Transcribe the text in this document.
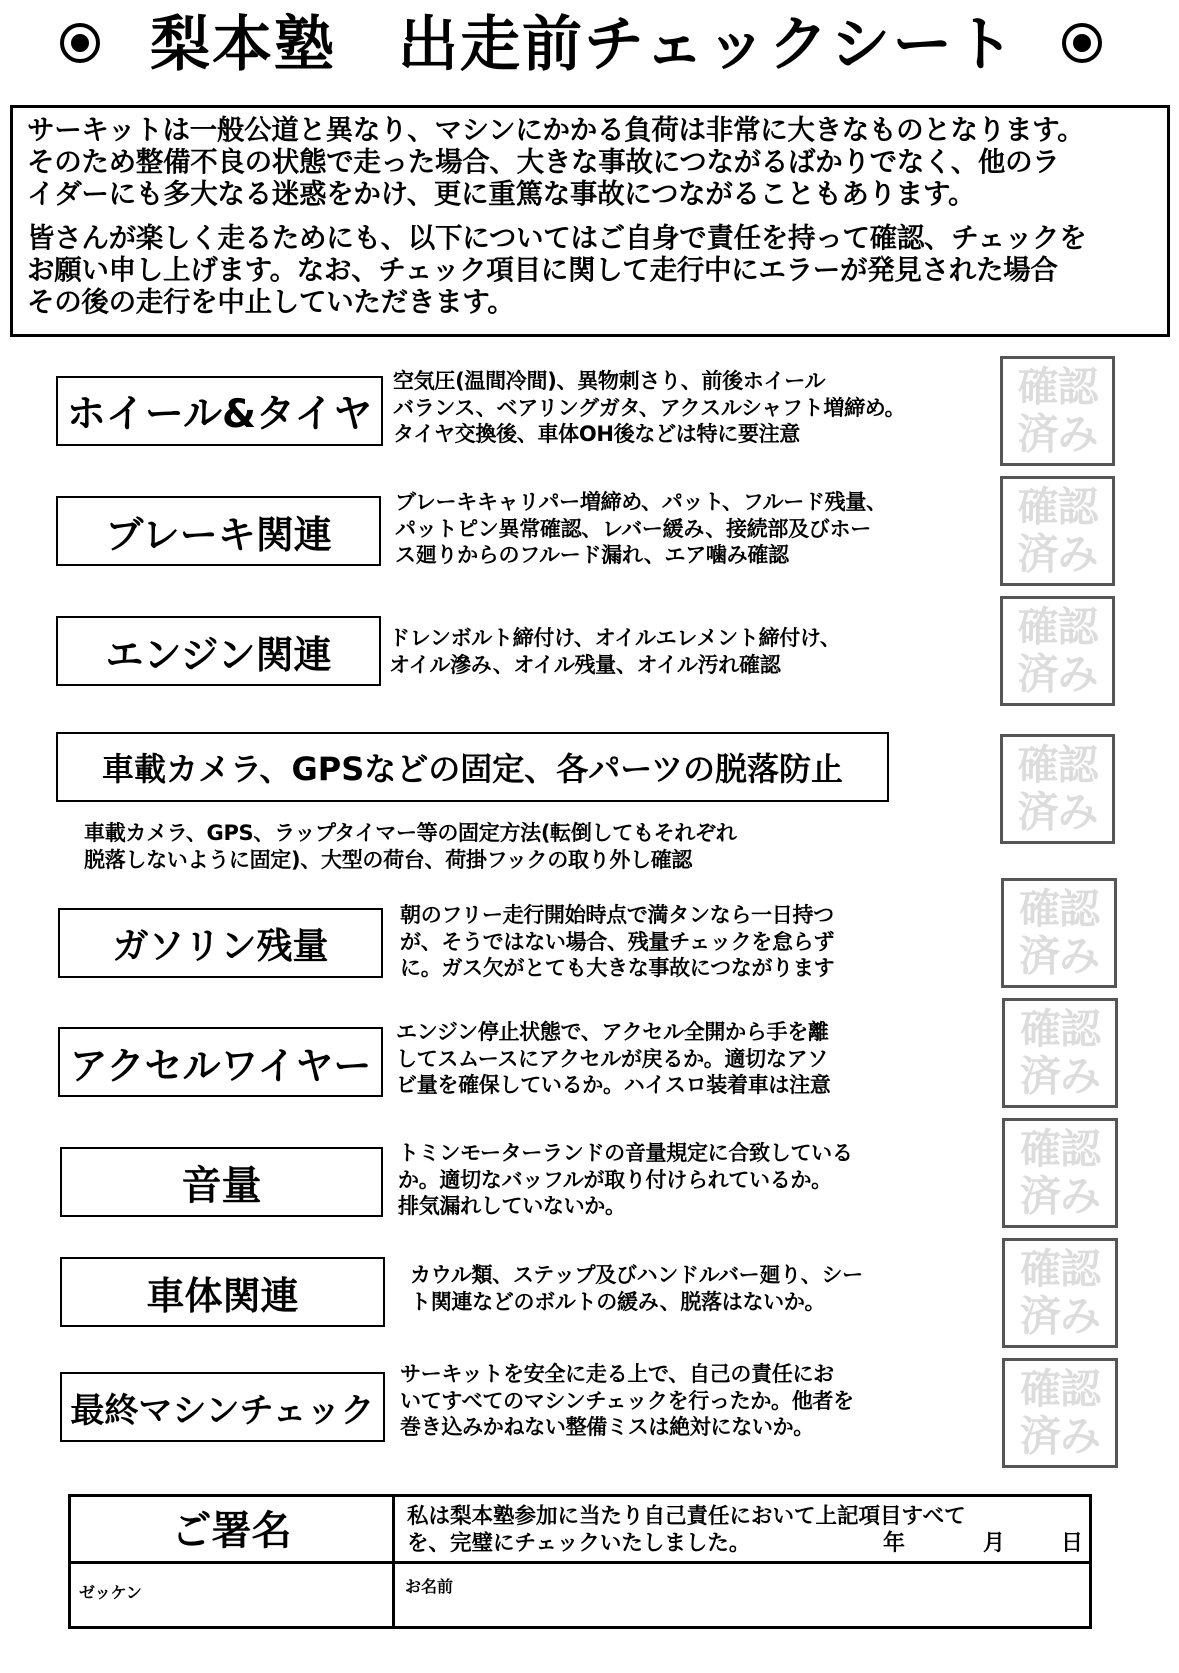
梨本塾　出走前チェックシート

サーキットは一般公道と異なり、マシンにかかる負荷は非常に大きなものとなります。

そのため整備不良の状態で走った場合、大きな事故につながるばかりでなく、他のラ

イダーにも多大なる迷惑をかけ、更に重篤な事故につながることもあります。

皆さんが楽しく走るためにも、以下についてはご自身で責任を持って確認、チェックを

お願い申し上げます。なお、チェック項目に関して走行中にエラーが発見された場合

その後の走行を中止していただきます。

ホイール&タイヤ
空気圧(温間冷間)、異物刺さり、前後ホイール
バランス、ベアリングガタ、アクスルシャフト増締め。
タイヤ交換後、車体OH後などは特に要注意
確認
済み
ブレーキ関連
ブレーキキャリパー増締め、パット、フルード残量、
パットピン異常確認、レバー緩み、接続部及びホー
ス廻りからのフルード漏れ、エア噛み確認
確認
済み
エンジン関連	ドレンボルト締付け、オイルエレメント締付け、
オイル滲み、オイル残量、オイル汚れ確認
確認
済み
車載カメラ、GPSなどの固定、各パーツの脱落防止
車載カメラ、GPS、ラップタイマー等の固定方法(転倒してもそれぞれ
脱落しないように固定)、大型の荷台、荷掛フックの取り外し確認
確認
済み
ガソリン残量
朝のフリー走行開始時点で満タンなら一日持つ
が、そうではない場合、残量チェックを怠らず
に。ガス欠がとても大きな事故につながります
確認
済み
アクセルワイヤー
エンジン停止状態で、アクセル全開から手を離
してスムースにアクセルが戻るか。適切なアソ
ビ量を確保しているか。ハイスロ装着車は注意
確認
済み
音量
トミンモーターランドの音量規定に合致している
か。適切なバッフルが取り付けられているか。
排気漏れしていないか。
確認
済み
車体関連	カウル類、ステップ及びハンドルバー廻り、シー
ト関連などのボルトの緩み、脱落はないか。
確認
済み
最終マシンチェック
サーキットを安全に走る上で、自己の責任にお
いてすべてのマシンチェックを行ったか。他者を
巻き込みかねない整備ミスは絶対にないか。
確認
済み
ご署名	私は梨本塾参加に当たり自己責任において上記項目すべて
を、完璧にチェックいたしました。	年	月	日
ゼッケン	お名前
